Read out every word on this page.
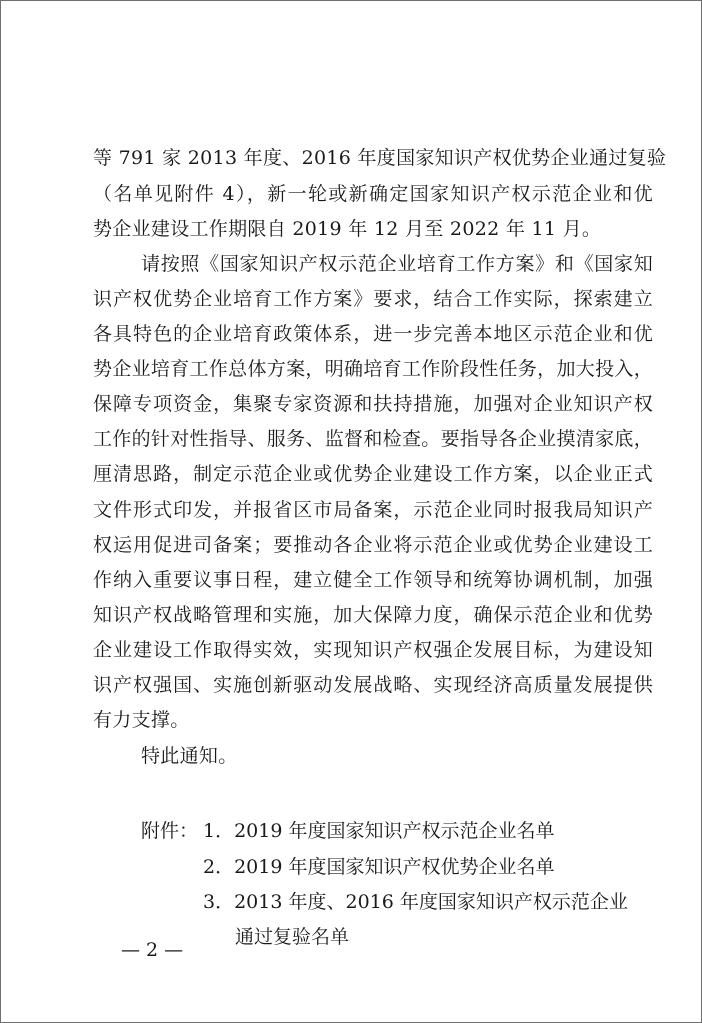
等 791 家 2013 年度、2016 年度国家知识产权优势企业通过复验
（名单见附件 4），新一轮或新确定国家知识产权示范企业和优
势企业建设工作期限自 2019 年 12 月至 2022 年 11 月。
请按照《国家知识产权示范企业培育工作方案》和《国家知
识产权优势企业培育工作方案》要求，结合工作实际，探索建立
各具特色的企业培育政策体系，进一步完善本地区示范企业和优
势企业培育工作总体方案，明确培育工作阶段性任务，加大投入，
保障专项资金，集聚专家资源和扶持措施，加强对企业知识产权
工作的针对性指导、服务、监督和检查。要指导各企业摸清家底，
厘清思路，制定示范企业或优势企业建设工作方案，以企业正式
文件形式印发，并报省区市局备案，示范企业同时报我局知识产
权运用促进司备案；要推动各企业将示范企业或优势企业建设工
作纳入重要议事日程，建立健全工作领导和统筹协调机制，加强
知识产权战略管理和实施，加大保障力度，确保示范企业和优势
企业建设工作取得实效，实现知识产权强企发展目标，为建设知
识产权强国、实施创新驱动发展战略、实现经济高质量发展提供
有力支撑。
特此通知。
附件： 1．2019 年度国家知识产权示范企业名单
2．2019 年度国家知识产权优势企业名单
3．2013 年度、2016 年度国家知识产权示范企业
通过复验名单
— 2 —
